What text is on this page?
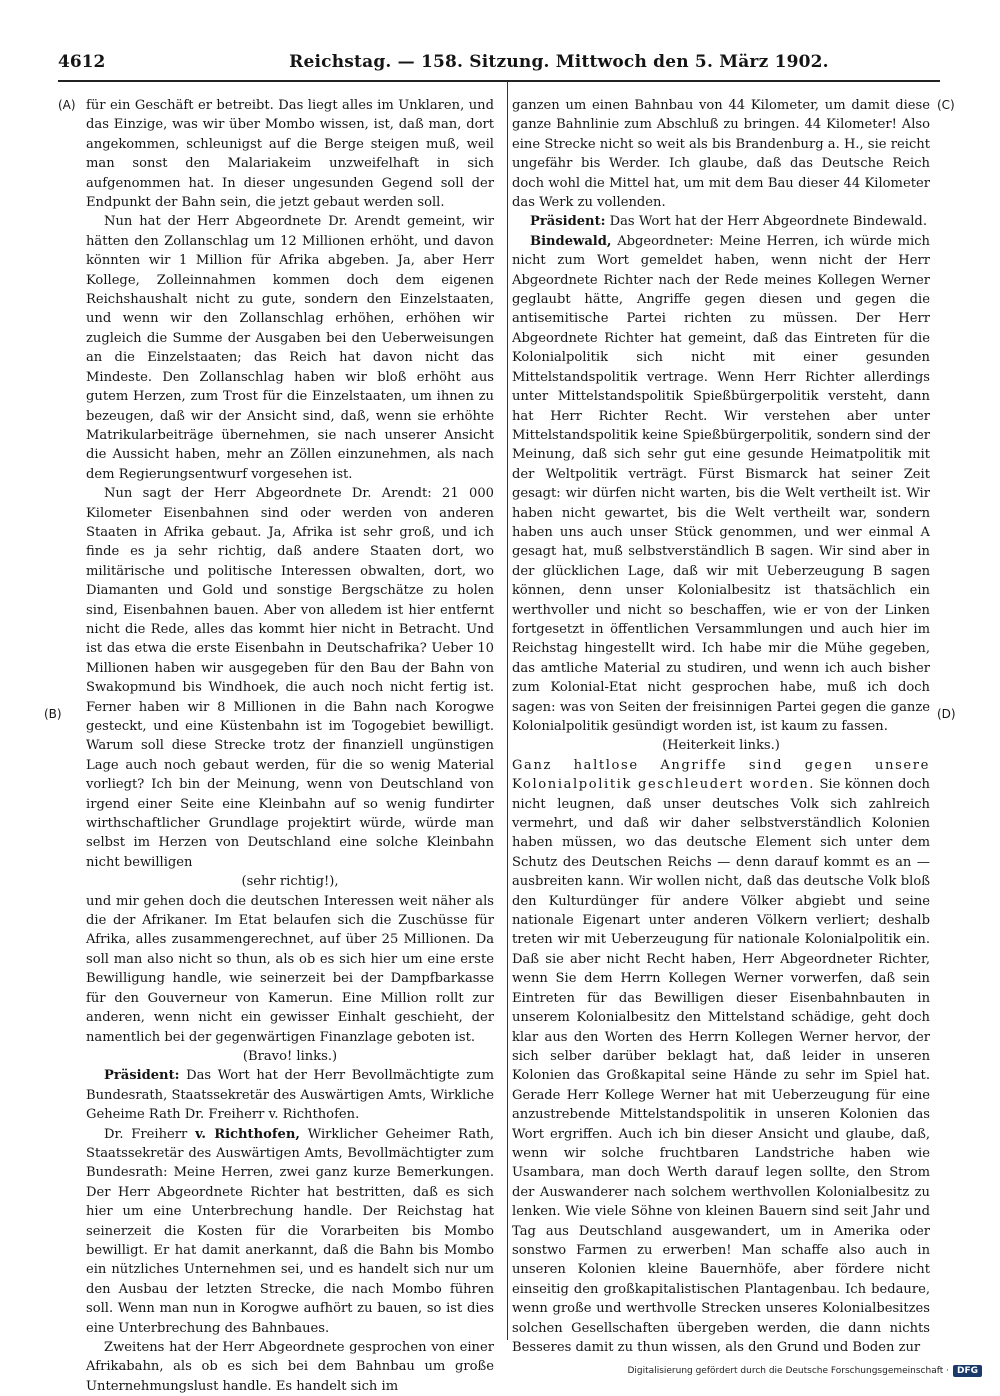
4612	Reichstag. — 158. Sitzung. Mittwoch den 5. März 1902.
(A)
(B)
(C)
(D)

für ein Geschäft er betreibt. Das liegt alles im Unklaren, und das Einzige, was wir über Mombo wissen, ist, daß man, dort angekommen, schleunigst auf die Berge steigen muß, weil man sonst den Malariakeim unzweifelhaft in sich aufgenommen hat. In dieser ungesunden Gegend soll der Endpunkt der Bahn sein, die jetzt gebaut werden soll.

Nun hat der Herr Abgeordnete Dr. Arendt gemeint, wir hätten den Zollanschlag um 12 Millionen erhöht, und davon könnten wir 1 Million für Afrika abgeben. Ja, aber Herr Kollege, Zolleinnahmen kommen doch dem eigenen Reichshaushalt nicht zu gute, sondern den Einzelstaaten, und wenn wir den Zollanschlag erhöhen, erhöhen wir zugleich die Summe der Ausgaben bei den Ueberweisungen an die Einzelstaaten; das Reich hat davon nicht das Mindeste. Den Zollanschlag haben wir bloß erhöht aus gutem Herzen, zum Trost für die Einzelstaaten, um ihnen zu bezeugen, daß wir der Ansicht sind, daß, wenn sie erhöhte Matrikularbeiträge übernehmen, sie nach unserer Ansicht die Aussicht haben, mehr an Zöllen einzunehmen, als nach dem Regierungsentwurf vorgesehen ist.

Nun sagt der Herr Abgeordnete Dr. Arendt: 21 000 Kilometer Eisenbahnen sind oder werden von anderen Staaten in Afrika gebaut. Ja, Afrika ist sehr groß, und ich finde es ja sehr richtig, daß andere Staaten dort, wo militärische und politische Interessen obwalten, dort, wo Diamanten und Gold und sonstige Bergschätze zu holen sind, Eisenbahnen bauen. Aber von alledem ist hier entfernt nicht die Rede, alles das kommt hier nicht in Betracht. Und ist das etwa die erste Eisenbahn in Deutschafrika? Ueber 10 Millionen haben wir ausgegeben für den Bau der Bahn von Swakopmund bis Windhoek, die auch noch nicht fertig ist. Ferner haben wir 8 Millionen in die Bahn nach Korogwe gesteckt, und eine Küstenbahn ist im Togogebiet bewilligt. Warum soll diese Strecke trotz der finanziell ungünstigen Lage auch noch gebaut werden, für die so wenig Material vorliegt? Ich bin der Meinung, wenn von Deutschland von irgend einer Seite eine Kleinbahn auf so wenig fundirter wirthschaftlicher Grundlage projektirt würde, würde man selbst im Herzen von Deutschland eine solche Kleinbahn nicht bewilligen

(sehr richtig!),

und mir gehen doch die deutschen Interessen weit näher als die der Afrikaner. Im Etat belaufen sich die Zuschüsse für Afrika, alles zusammengerechnet, auf über 25 Millionen. Da soll man also nicht so thun, als ob es sich hier um eine erste Bewilligung handle, wie seinerzeit bei der Dampfbarkasse für den Gouverneur von Kamerun. Eine Million rollt zur anderen, wenn nicht ein gewisser Einhalt geschieht, der namentlich bei der gegenwärtigen Finanzlage geboten ist.

(Bravo! links.)

Präsident: Das Wort hat der Herr Bevollmächtigte zum Bundesrath, Staatssekretär des Auswärtigen Amts, Wirkliche Geheime Rath Dr. Freiherr v. Richthofen.

Dr. Freiherr v. Richthofen, Wirklicher Geheimer Rath, Staatssekretär des Auswärtigen Amts, Bevollmächtigter zum Bundesrath: Meine Herren, zwei ganz kurze Bemerkungen. Der Herr Abgeordnete Richter hat bestritten, daß es sich hier um eine Unterbrechung handle. Der Reichstag hat seinerzeit die Kosten für die Vorarbeiten bis Mombo bewilligt. Er hat damit anerkannt, daß die Bahn bis Mombo ein nützliches Unternehmen sei, und es handelt sich nur um den Ausbau der letzten Strecke, die nach Mombo führen soll. Wenn man nun in Korogwe aufhört zu bauen, so ist dies eine Unterbrechung des Bahnbaues.

Zweitens hat der Herr Abgeordnete gesprochen von einer Afrikabahn, als ob es sich bei dem Bahnbau um große Unternehmungslust handle. Es handelt sich im

ganzen um einen Bahnbau von 44 Kilometer, um damit diese ganze Bahnlinie zum Abschluß zu bringen. 44 Kilometer! Also eine Strecke nicht so weit als bis Brandenburg a. H., sie reicht ungefähr bis Werder. Ich glaube, daß das Deutsche Reich doch wohl die Mittel hat, um mit dem Bau dieser 44 Kilometer das Werk zu vollenden.

Präsident: Das Wort hat der Herr Abgeordnete Bindewald.

Bindewald, Abgeordneter: Meine Herren, ich würde mich nicht zum Wort gemeldet haben, wenn nicht der Herr Abgeordnete Richter nach der Rede meines Kollegen Werner geglaubt hätte, Angriffe gegen diesen und gegen die antisemitische Partei richten zu müssen. Der Herr Abgeordnete Richter hat gemeint, daß das Eintreten für die Kolonialpolitik sich nicht mit einer gesunden Mittelstandspolitik vertrage. Wenn Herr Richter allerdings unter Mittelstandspolitik Spießbürgerpolitik versteht, dann hat Herr Richter Recht. Wir verstehen aber unter Mittelstandspolitik keine Spießbürgerpolitik, sondern sind der Meinung, daß sich sehr gut eine gesunde Heimatpolitik mit der Weltpolitik verträgt. Fürst Bismarck hat seiner Zeit gesagt: wir dürfen nicht warten, bis die Welt vertheilt ist. Wir haben nicht gewartet, bis die Welt vertheilt war, sondern haben uns auch unser Stück genommen, und wer einmal A gesagt hat, muß selbstverständlich B sagen. Wir sind aber in der glücklichen Lage, daß wir mit Ueberzeugung B sagen können, denn unser Kolonialbesitz ist thatsächlich ein werthvoller und nicht so beschaffen, wie er von der Linken fortgesetzt in öffentlichen Versammlungen und auch hier im Reichstag hingestellt wird. Ich habe mir die Mühe gegeben, das amtliche Material zu studiren, und wenn ich auch bisher zum Kolonial-Etat nicht gesprochen habe, muß ich doch sagen: was von Seiten der freisinnigen Partei gegen die ganze Kolonialpolitik gesündigt worden ist, ist kaum zu fassen.

(Heiterkeit links.)

Ganz haltlose Angriffe sind gegen unsere Kolonialpolitik geschleudert worden. Sie können doch nicht leugnen, daß unser deutsches Volk sich zahlreich vermehrt, und daß wir daher selbstverständlich Kolonien haben müssen, wo das deutsche Element sich unter dem Schutz des Deutschen Reichs — denn darauf kommt es an — ausbreiten kann. Wir wollen nicht, daß das deutsche Volk bloß den Kulturdünger für andere Völker abgiebt und seine nationale Eigenart unter anderen Völkern verliert; deshalb treten wir mit Ueberzeugung für nationale Kolonialpolitik ein. Daß sie aber nicht Recht haben, Herr Abgeordneter Richter, wenn Sie dem Herrn Kollegen Werner vorwerfen, daß sein Eintreten für das Bewilligen dieser Eisenbahnbauten in unserem Kolonialbesitz den Mittelstand schädige, geht doch klar aus den Worten des Herrn Kollegen Werner hervor, der sich selber darüber beklagt hat, daß leider in unseren Kolonien das Großkapital seine Hände zu sehr im Spiel hat. Gerade Herr Kollege Werner hat mit Ueberzeugung für eine anzustrebende Mittelstandspolitik in unseren Kolonien das Wort ergriffen. Auch ich bin dieser Ansicht und glaube, daß, wenn wir solche fruchtbaren Landstriche haben wie Usambara, man doch Werth darauf legen sollte, den Strom der Auswanderer nach solchem werthvollen Kolonialbesitz zu lenken. Wie viele Söhne von kleinen Bauern sind seit Jahr und Tag aus Deutschland ausgewandert, um in Amerika oder sonstwo Farmen zu erwerben! Man schaffe also auch in unseren Kolonien kleine Bauernhöfe, aber fördere nicht einseitig den großkapitalistischen Plantagenbau. Ich bedaure, wenn große und werthvolle Strecken unseres Kolonialbesitzes solchen Gesellschaften übergeben werden, die dann nichts Besseres damit zu thun wissen, als den Grund und Boden zur

Digitalisierung gefördert durch die Deutsche Forschungsgemeinschaft · DFG
